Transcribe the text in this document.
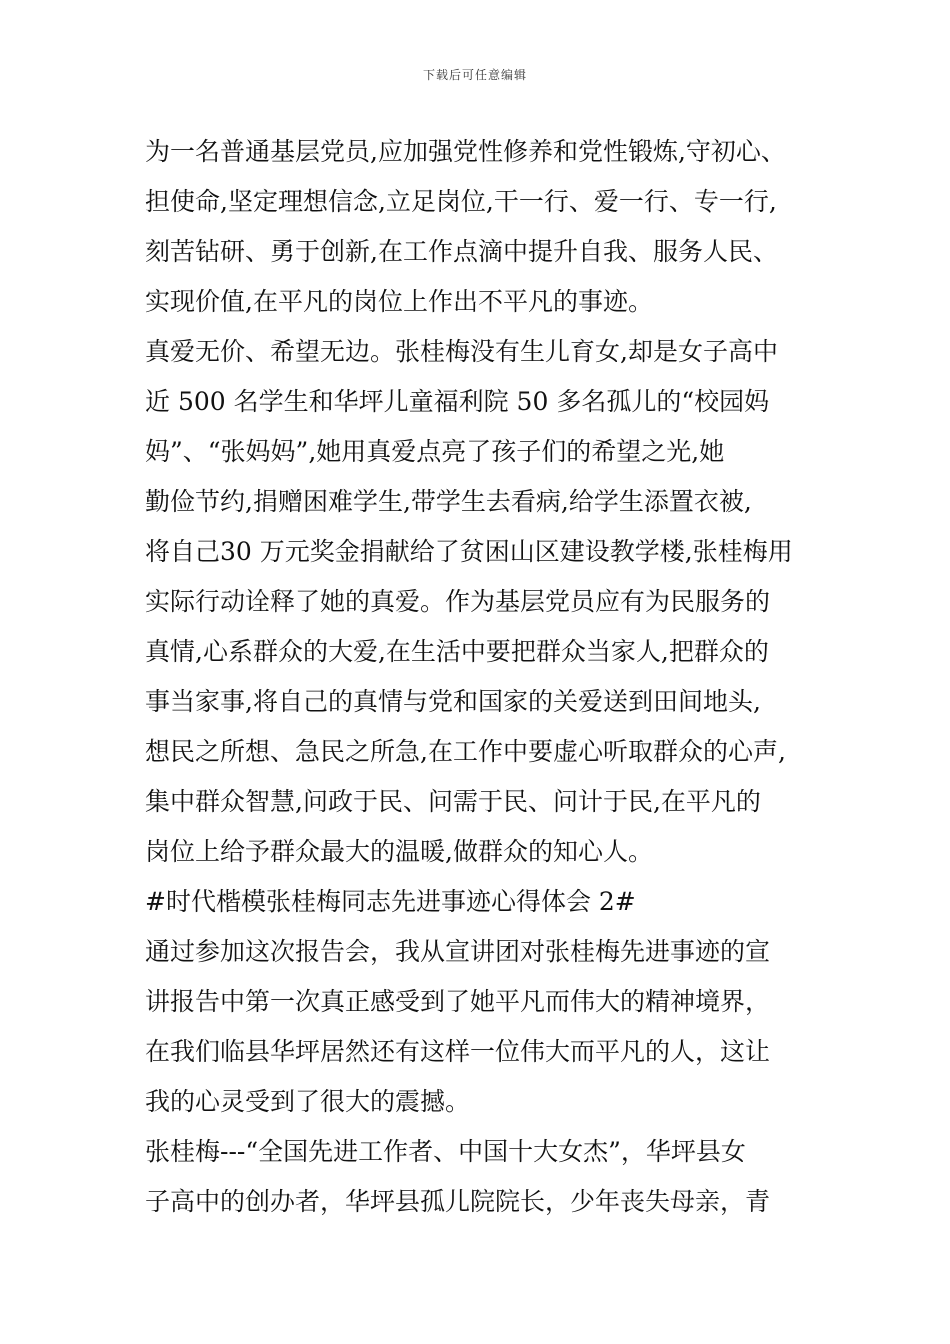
下载后可任意编辑
为一名普通基层党员,应加强党性修养和党性锻炼,守初心、
担使命,坚定理想信念,立足岗位,干一行、爱一行、专一行,
刻苦钻研、勇于创新,在工作点滴中提升自我、服务人民、
实现价值,在平凡的岗位上作出不平凡的事迹。
真爱无价、希望无边。张桂梅没有生儿育女,却是女子高中
近 500 名学生和华坪儿童福利院 50 多名孤儿的“校园妈
妈”、“张妈妈”,她用真爱点亮了孩子们的希望之光,她
勤俭节约,捐赠困难学生,带学生去看病,给学生添置衣被,
将自己30 万元奖金捐献给了贫困山区建设教学楼,张桂梅用
实际行动诠释了她的真爱。作为基层党员应有为民服务的
真情,心系群众的大爱,在生活中要把群众当家人,把群众的
事当家事,将自己的真情与党和国家的关爱送到田间地头,
想民之所想、急民之所急,在工作中要虚心听取群众的心声,
集中群众智慧,问政于民、问需于民、问计于民,在平凡的
岗位上给予群众最大的温暖,做群众的知心人。
#时代楷模张桂梅同志先进事迹心得体会 2#
通过参加这次报告会，我从宣讲团对张桂梅先进事迹的宣
讲报告中第一次真正感受到了她平凡而伟大的精神境界，
在我们临县华坪居然还有这样一位伟大而平凡的人，这让
我的心灵受到了很大的震撼。
张桂梅---“全国先进工作者、中国十大女杰”，华坪县女
子高中的创办者，华坪县孤儿院院长，少年丧失母亲，青
